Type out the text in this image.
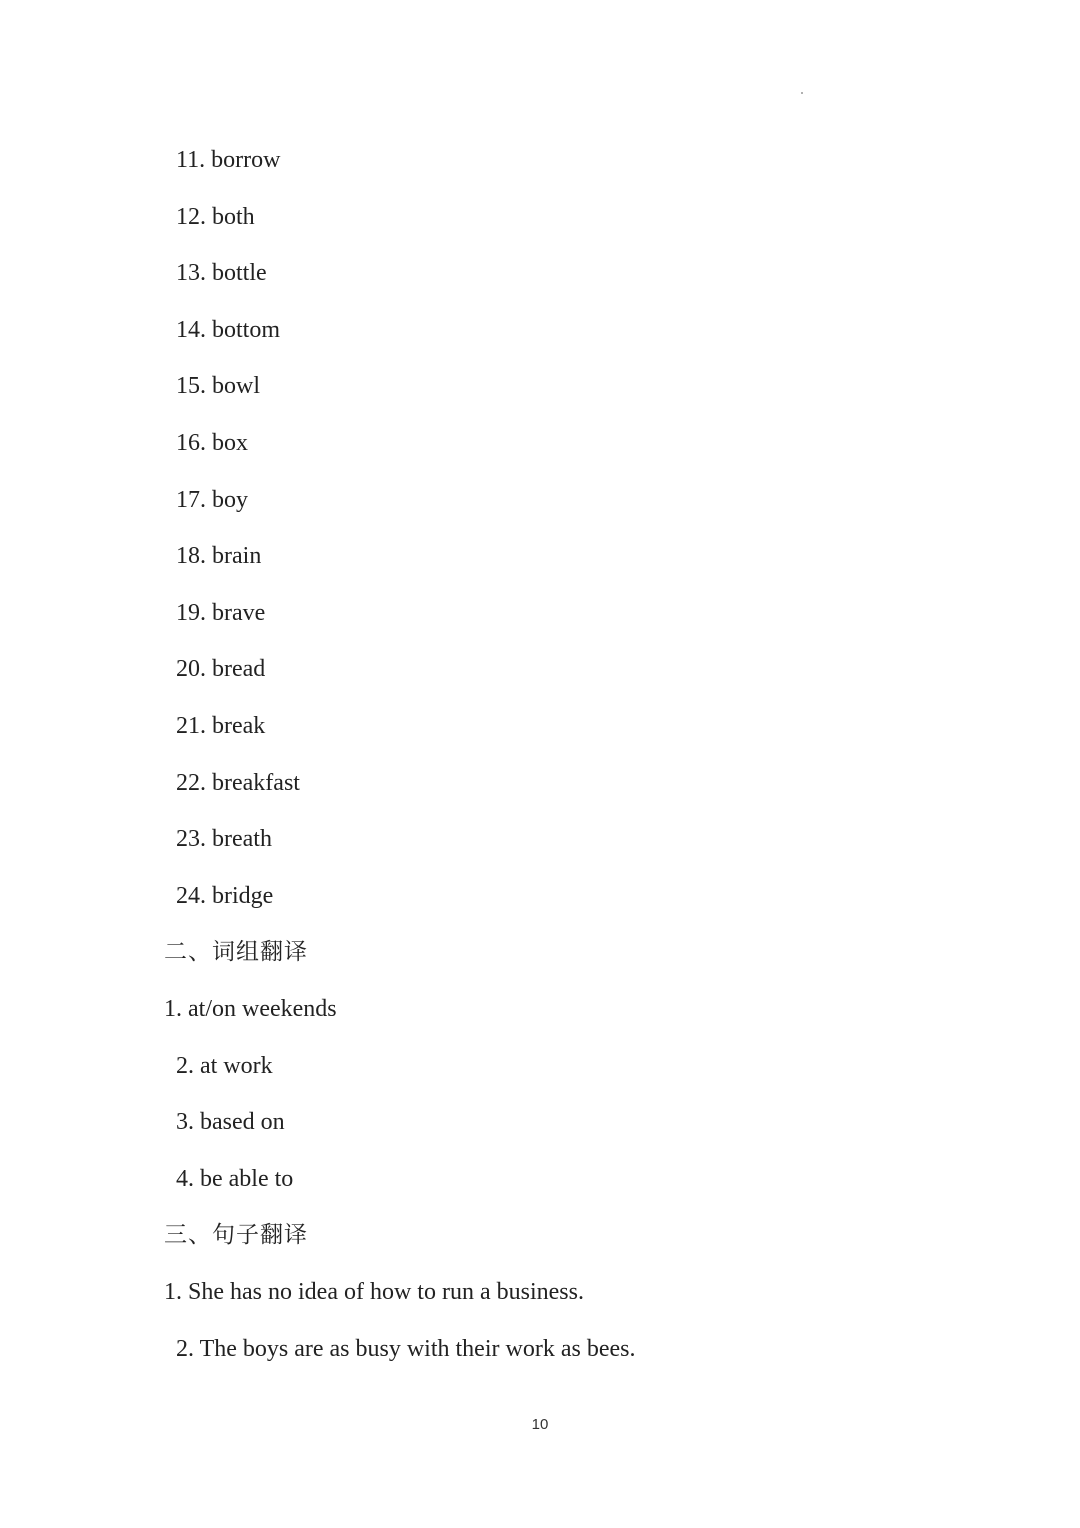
11. borrow
12. both
13. bottle
14. bottom
15. bowl
16. box
17. boy
18. brain
19. brave
20. bread
21. break
22. breakfast
23. breath
24. bridge
二、词组翻译
1. at/on weekends
2. at work
3. based on
4. be able to
三、句子翻译
1. She has no idea of how to run a business.
2. The boys are as busy with their work as bees.
10
